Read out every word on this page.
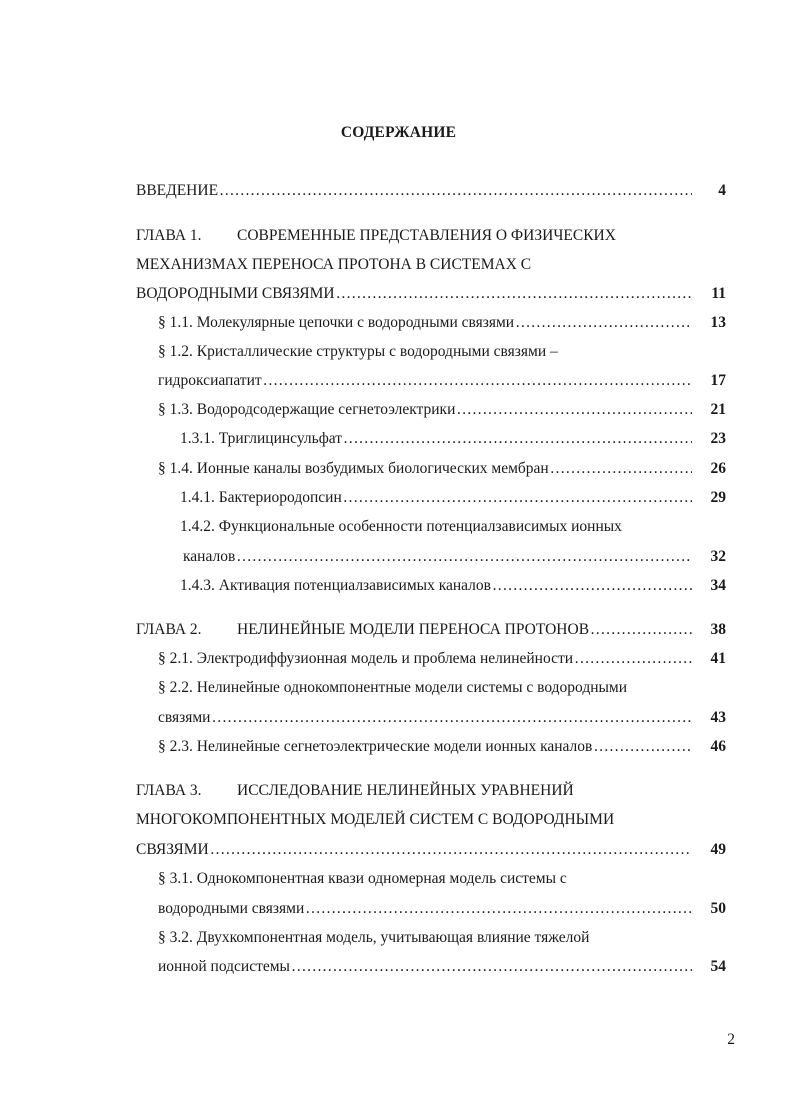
СОДЕРЖАНИЕ
ВВЕДЕНИЕ …………………………………………………………………………………………………………………………………………………………	4
ГЛАВА 1. СОВРЕМЕННЫЕ ПРЕДСТАВЛЕНИЯ О ФИЗИЧЕСКИХ
МЕХАНИЗМАХ ПЕРЕНОСА ПРОТОНА В СИСТЕМАХ С
ВОДОРОДНЫМИ СВЯЗЯМИ …………………………………………………………………………………………………………………………………………………………	11
§ 1.1. Молекулярные цепочки с водородными связями …………………………………………………………………………………………………………………………………………………………	13
§ 1.2. Кристаллические структуры с водородными связями –
гидроксиапатит …………………………………………………………………………………………………………………………………………………………	17
§ 1.3. Водородсодержащие сегнетоэлектрики …………………………………………………………………………………………………………………………………………………………	21
1.3.1. Триглицинсульфат …………………………………………………………………………………………………………………………………………………………	23
§ 1.4. Ионные каналы возбудимых биологических мембран …………………………………………………………………………………………………………………………………………………………	26
1.4.1. Бактериородопсин …………………………………………………………………………………………………………………………………………………………	29
1.4.2. Функциональные особенности потенциалзависимых ионных
каналов …………………………………………………………………………………………………………………………………………………………	32
1.4.3. Активация потенциалзависимых каналов …………………………………………………………………………………………………………………………………………………………	34
ГЛАВА 2. НЕЛИНЕЙНЫЕ МОДЕЛИ ПЕРЕНОСА ПРОТОНОВ …………………………………………………………………………………………………………………………………………………………	38
§ 2.1. Электродиффузионная модель и проблема нелинейности …………………………………………………………………………………………………………………………………………………………	41
§ 2.2. Нелинейные однокомпонентные модели системы с водородными
связями …………………………………………………………………………………………………………………………………………………………	43
§ 2.3. Нелинейные сегнетоэлектрические модели ионных каналов …………………………………………………………………………………………………………………………………………………………	46
ГЛАВА 3. ИССЛЕДОВАНИЕ НЕЛИНЕЙНЫХ УРАВНЕНИЙ
МНОГОКОМПОНЕНТНЫХ МОДЕЛЕЙ СИСТЕМ С ВОДОРОДНЫМИ
СВЯЗЯМИ …………………………………………………………………………………………………………………………………………………………	49
§ 3.1. Однокомпонентная квази одномерная модель системы с
водородными связями …………………………………………………………………………………………………………………………………………………………	50
§ 3.2. Двухкомпонентная модель, учитывающая влияние тяжелой
ионной подсистемы …………………………………………………………………………………………………………………………………………………………	54
2
